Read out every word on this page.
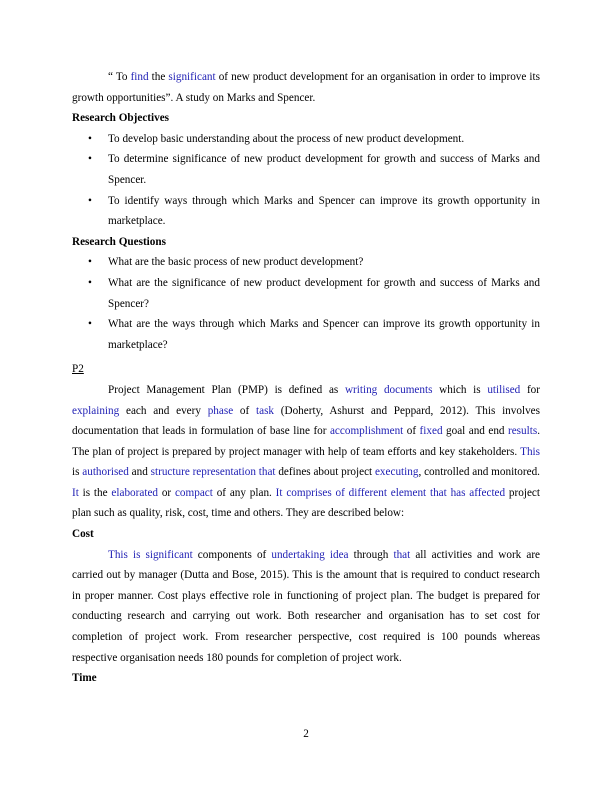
“ To find the significant of new product development for an organisation in order to improve its growth opportunities”. A study on Marks and Spencer.

Research Objectives

• To develop basic understanding about the process of new product development.
• To determine significance of new product development for growth and success of Marks and Spencer.
• To identify ways through which Marks and Spencer can improve its growth opportunity in marketplace.

Research Questions

• What are the basic process of new product development?
• What are the significance of new product development for growth and success of Marks and Spencer?
• What are the ways through which Marks and Spencer can improve its growth opportunity in marketplace?

P2

Project Management Plan (PMP) is defined as writing documents which is utilised for explaining each and every phase of task (Doherty, Ashurst and Peppard, 2012). This involves documentation that leads in formulation of base line for accomplishment of fixed goal and end results. The plan of project is prepared by project manager with help of team efforts and key stakeholders. This is authorised and structure representation that defines about project executing, controlled and monitored. It is the elaborated or compact of any plan. It comprises of different element that has affected project plan such as quality, risk, cost, time and others. They are described below:

Cost

This is significant components of undertaking idea through that all activities and work are carried out by manager (Dutta and Bose, 2015). This is the amount that is required to conduct research in proper manner. Cost plays effective role in functioning of project plan. The budget is prepared for conducting research and carrying out work. Both researcher and organisation has to set cost for completion of project work. From researcher perspective, cost required is 100 pounds whereas respective organisation needs 180 pounds for completion of project work.

Time

2
